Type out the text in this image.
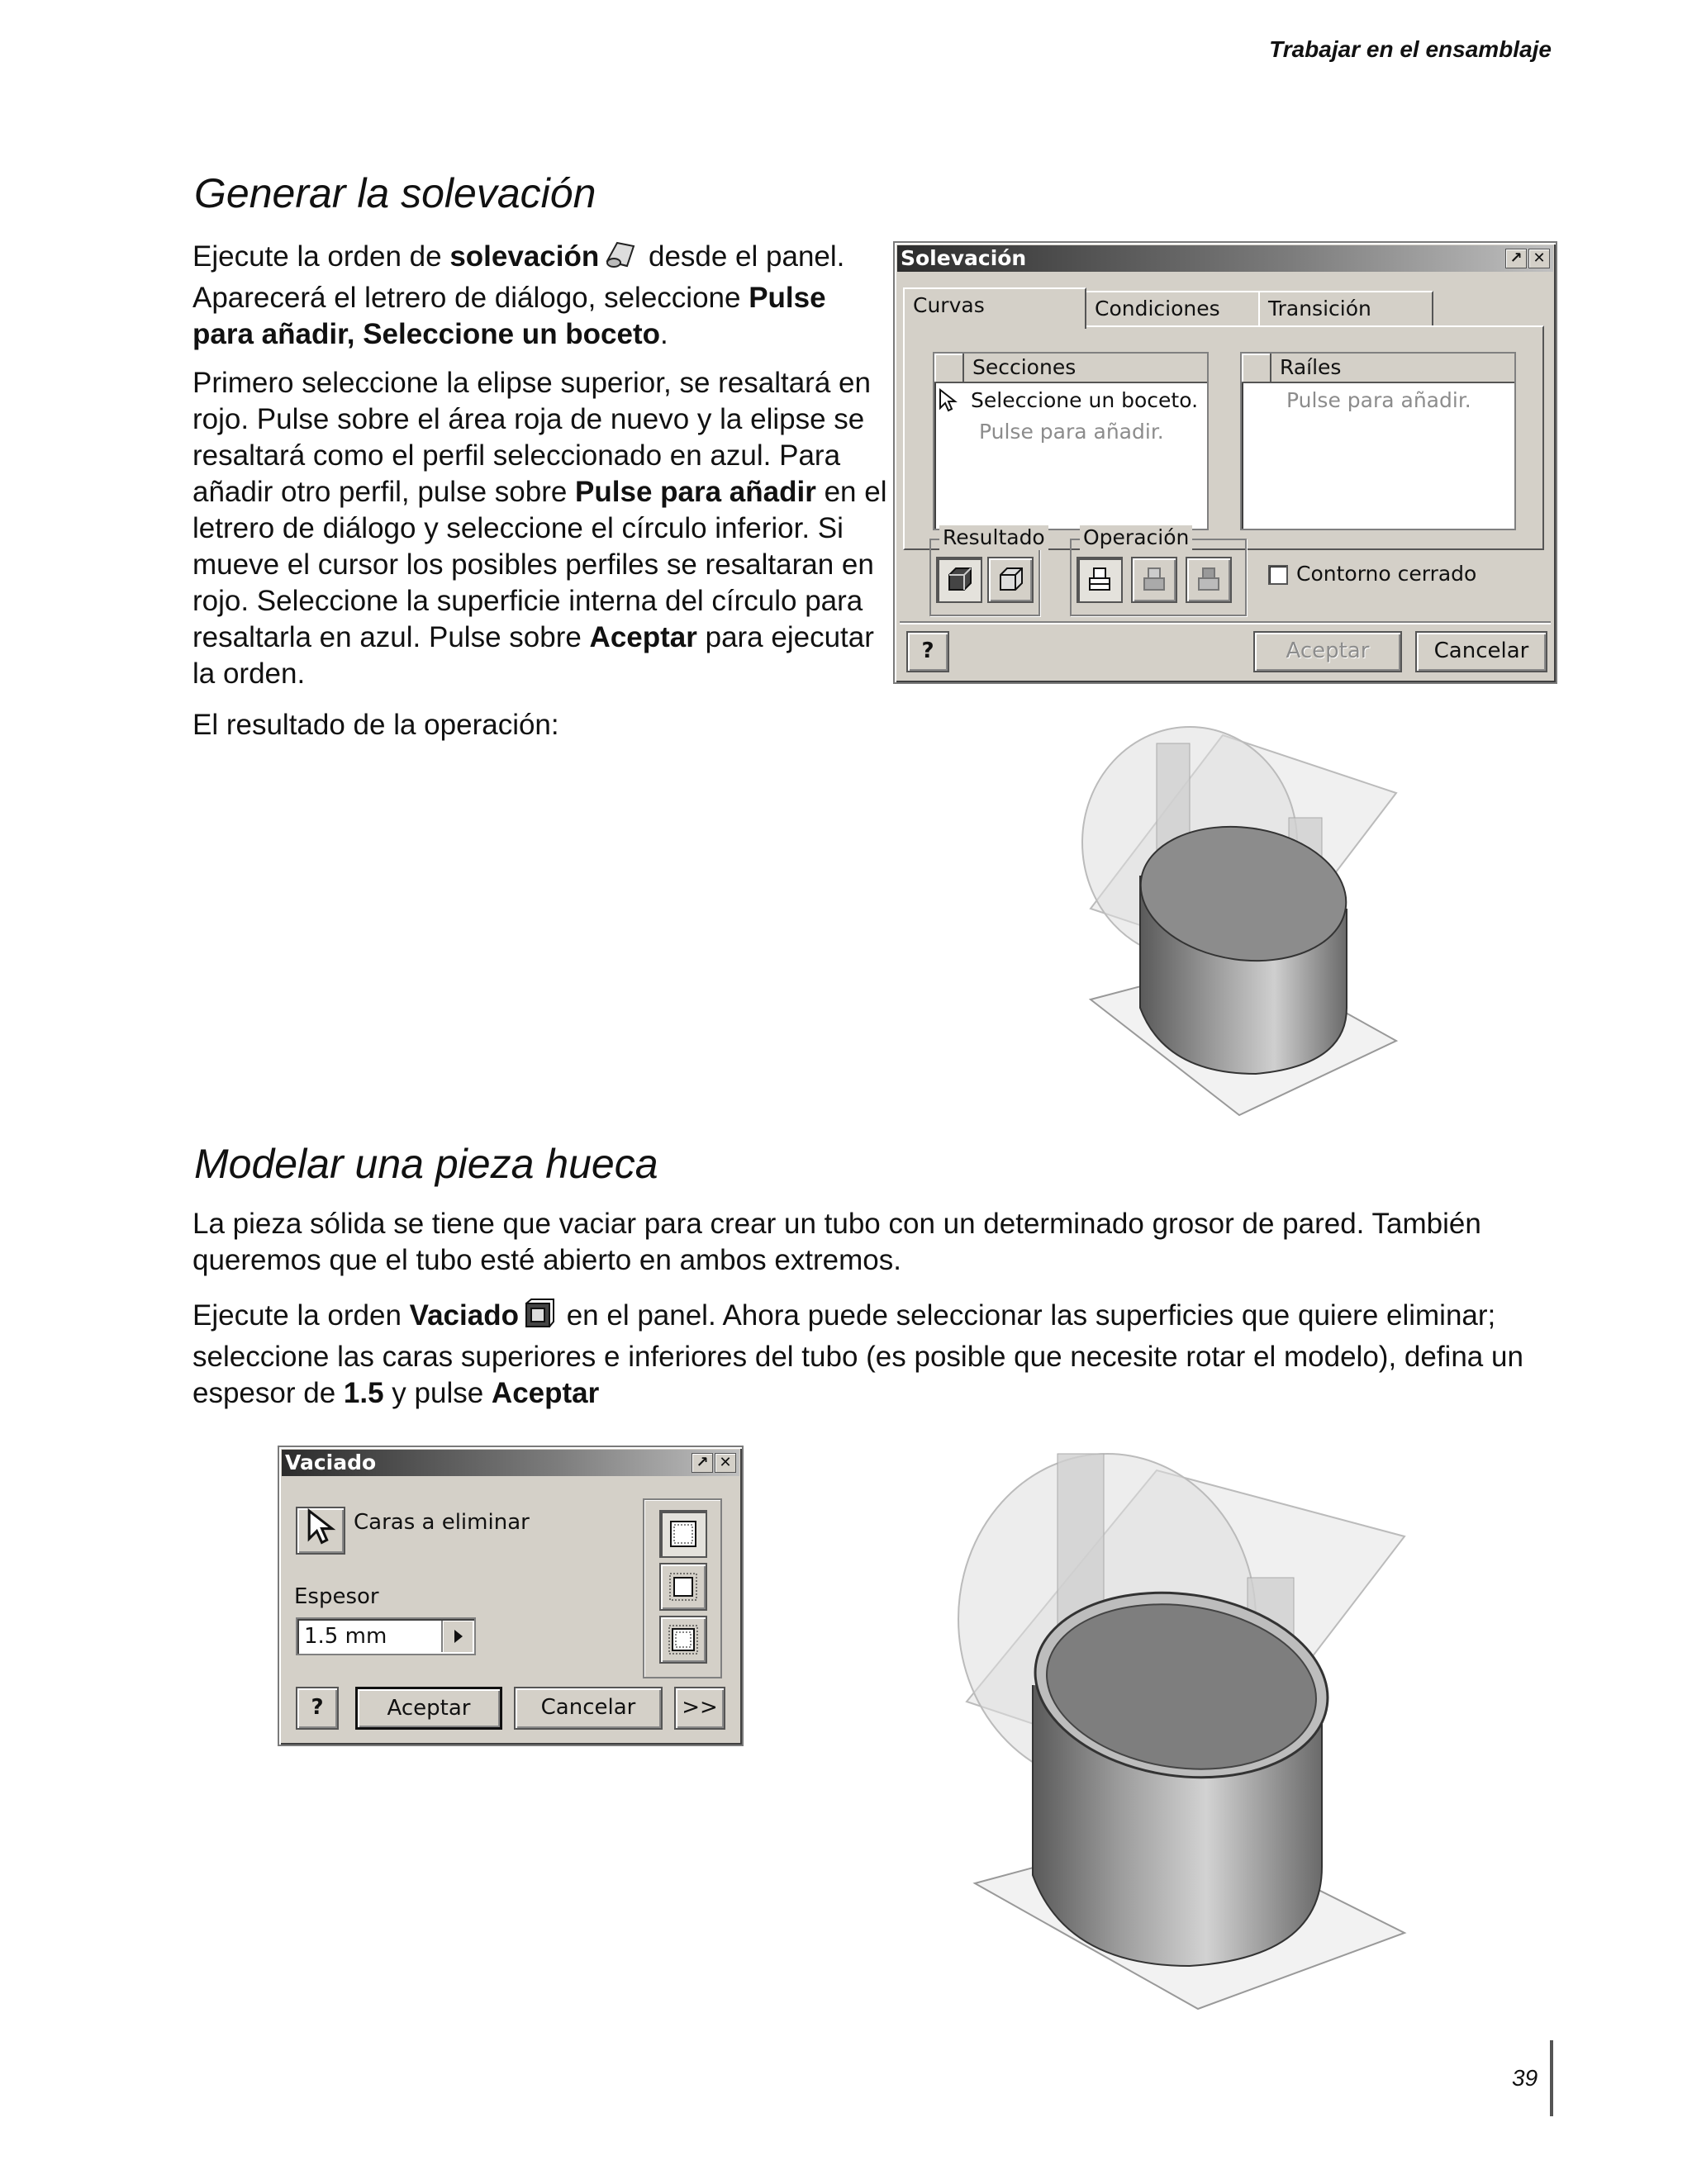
Trabajar en el ensamblaje
Generar la solevación

Ejecute la orden de solevación desde el panel. Aparecerá el letrero de diálogo, seleccione Pulse para añadir, Seleccione un boceto.

Primero seleccione la elipse superior, se resaltará en rojo. Pulse sobre el área roja de nuevo y la elipse se resaltará como el perfil seleccionado en azul. Para añadir otro perfil, pulse sobre Pulse para añadir en el letrero de diálogo y seleccione el círculo inferior. Si mueve el cursor los posibles perfiles se resaltaran en rojo. Seleccione la superficie interna del círculo para resaltarla en azul. Pulse sobre Aceptar para ejecutar la orden.

El resultado de la operación:

Solevación	↗ ✕
Curvas	Condiciones	Transición
Secciones
Seleccione un boceto.
Pulse para añadir.
Raíles
Pulse para añadir.
Resultado Operación
Contorno cerrado
?	Aceptar	Cancelar
Modelar una pieza hueca

La pieza sólida se tiene que vaciar para crear un tubo con un determinado grosor de pared. También queremos que el tubo esté abierto en ambos extremos.

Ejecute la orden Vaciado en el panel. Ahora puede seleccionar las superficies que quiere eliminar; seleccione las caras superiores e inferiores del tubo (es posible que necesite rotar el modelo), defina un espesor de 1.5 y pulse Aceptar

Vaciado	↗ ✕
Caras a eliminar
Espesor
1.5 mm
?	Aceptar	Cancelar	>>
39
